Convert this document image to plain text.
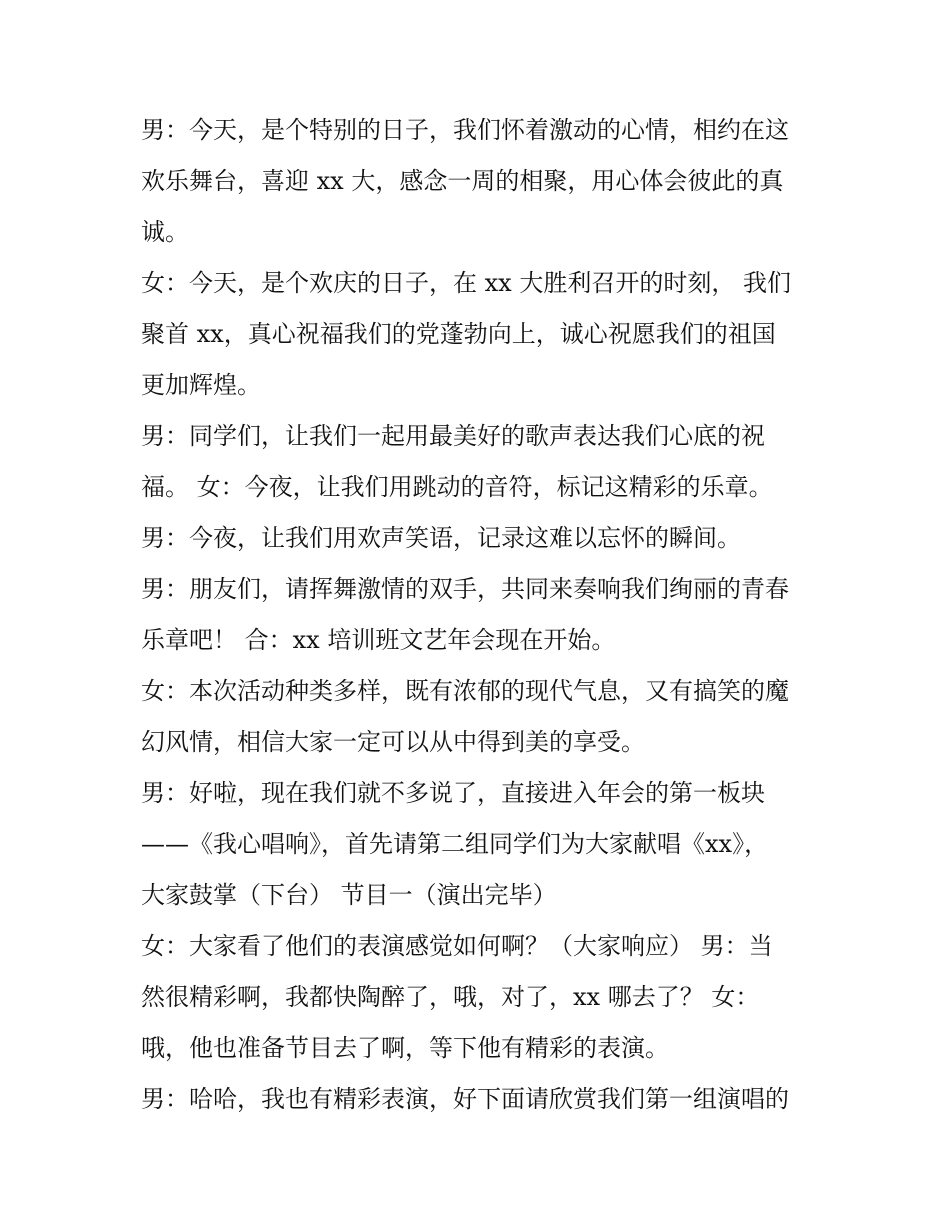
男：今天，是个特别的日子，我们怀着激动的心情，相约在这
欢乐舞台，喜迎 xx 大，感念一周的相聚，用心体会彼此的真
诚。
女：今天，是个欢庆的日子，在 xx 大胜利召开的时刻， 我们
聚首 xx，真心祝福我们的党蓬勃向上，诚心祝愿我们的祖国
更加辉煌。
男：同学们，让我们一起用最美好的歌声表达我们心底的祝
福。 女：今夜，让我们用跳动的音符，标记这精彩的乐章。
男：今夜，让我们用欢声笑语，记录这难以忘怀的瞬间。
男：朋友们，请挥舞激情的双手，共同来奏响我们绚丽的青春
乐章吧！ 合：xx 培训班文艺年会现在开始。
女：本次活动种类多样，既有浓郁的现代气息，又有搞笑的魔
幻风情，相信大家一定可以从中得到美的享受。
男：好啦，现在我们就不多说了，直接进入年会的第一板块
——《我心唱响》，首先请第二组同学们为大家献唱《xx》，
大家鼓掌（下台） 节目一（演出完毕）
女：大家看了他们的表演感觉如何啊？（大家响应） 男：当
然很精彩啊，我都快陶醉了，哦，对了，xx 哪去了？ 女：
哦，他也准备节目去了啊，等下他有精彩的表演。
男：哈哈，我也有精彩表演，好下面请欣赏我们第一组演唱的
